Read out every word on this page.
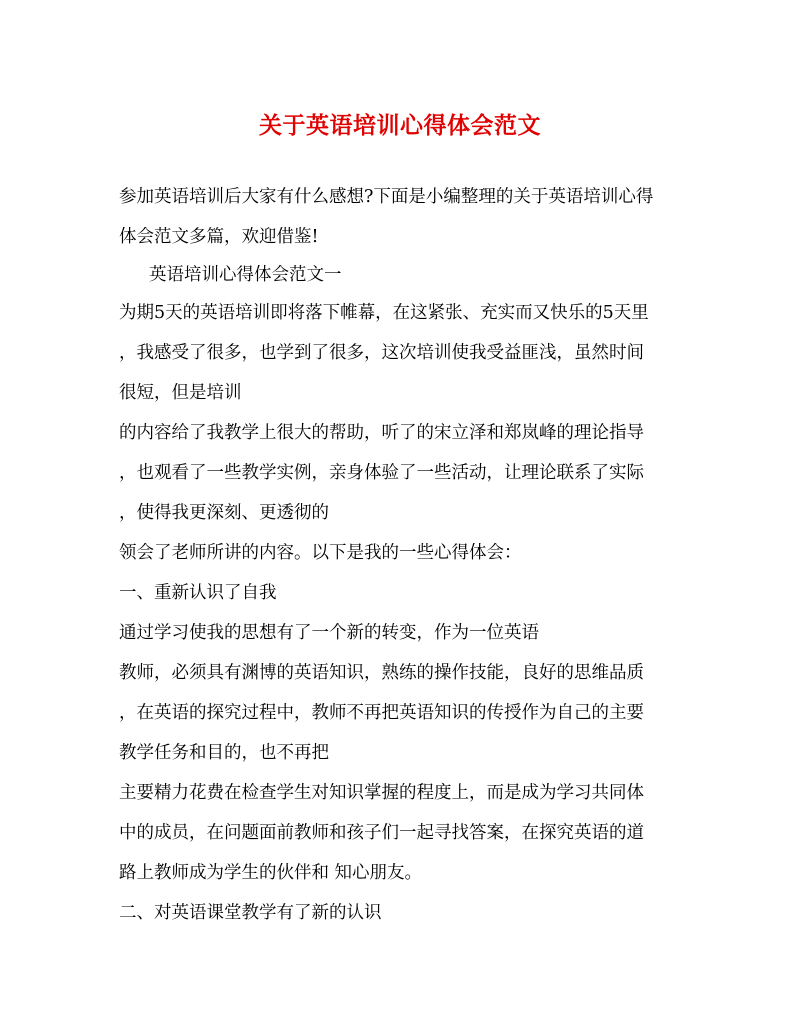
关于英语培训心得体会范文
参加英语培训后大家有什么感想?下面是小编整理的关于英语培训心得
体会范文多篇，欢迎借鉴!
英语培训心得体会范文一
为期5天的英语培训即将落下帷幕，在这紧张、充实而又快乐的5天里
，我感受了很多，也学到了很多，这次培训使我受益匪浅，虽然时间
很短，但是培训
的内容给了我教学上很大的帮助，听了的宋立泽和郑岚峰的理论指导
，也观看了一些教学实例，亲身体验了一些活动，让理论联系了实际
，使得我更深刻、更透彻的
领会了老师所讲的内容。以下是我的一些心得体会：
一、重新认识了自我
通过学习使我的思想有了一个新的转变，作为一位英语
教师，必须具有渊博的英语知识，熟练的操作技能，良好的思维品质
，在英语的探究过程中，教师不再把英语知识的传授作为自己的主要
教学任务和目的，也不再把
主要精力花费在检查学生对知识掌握的程度上，而是成为学习共同体
中的成员，在问题面前教师和孩子们一起寻找答案，在探究英语的道
路上教师成为学生的伙伴和 知心朋友。
二、对英语课堂教学有了新的认识
